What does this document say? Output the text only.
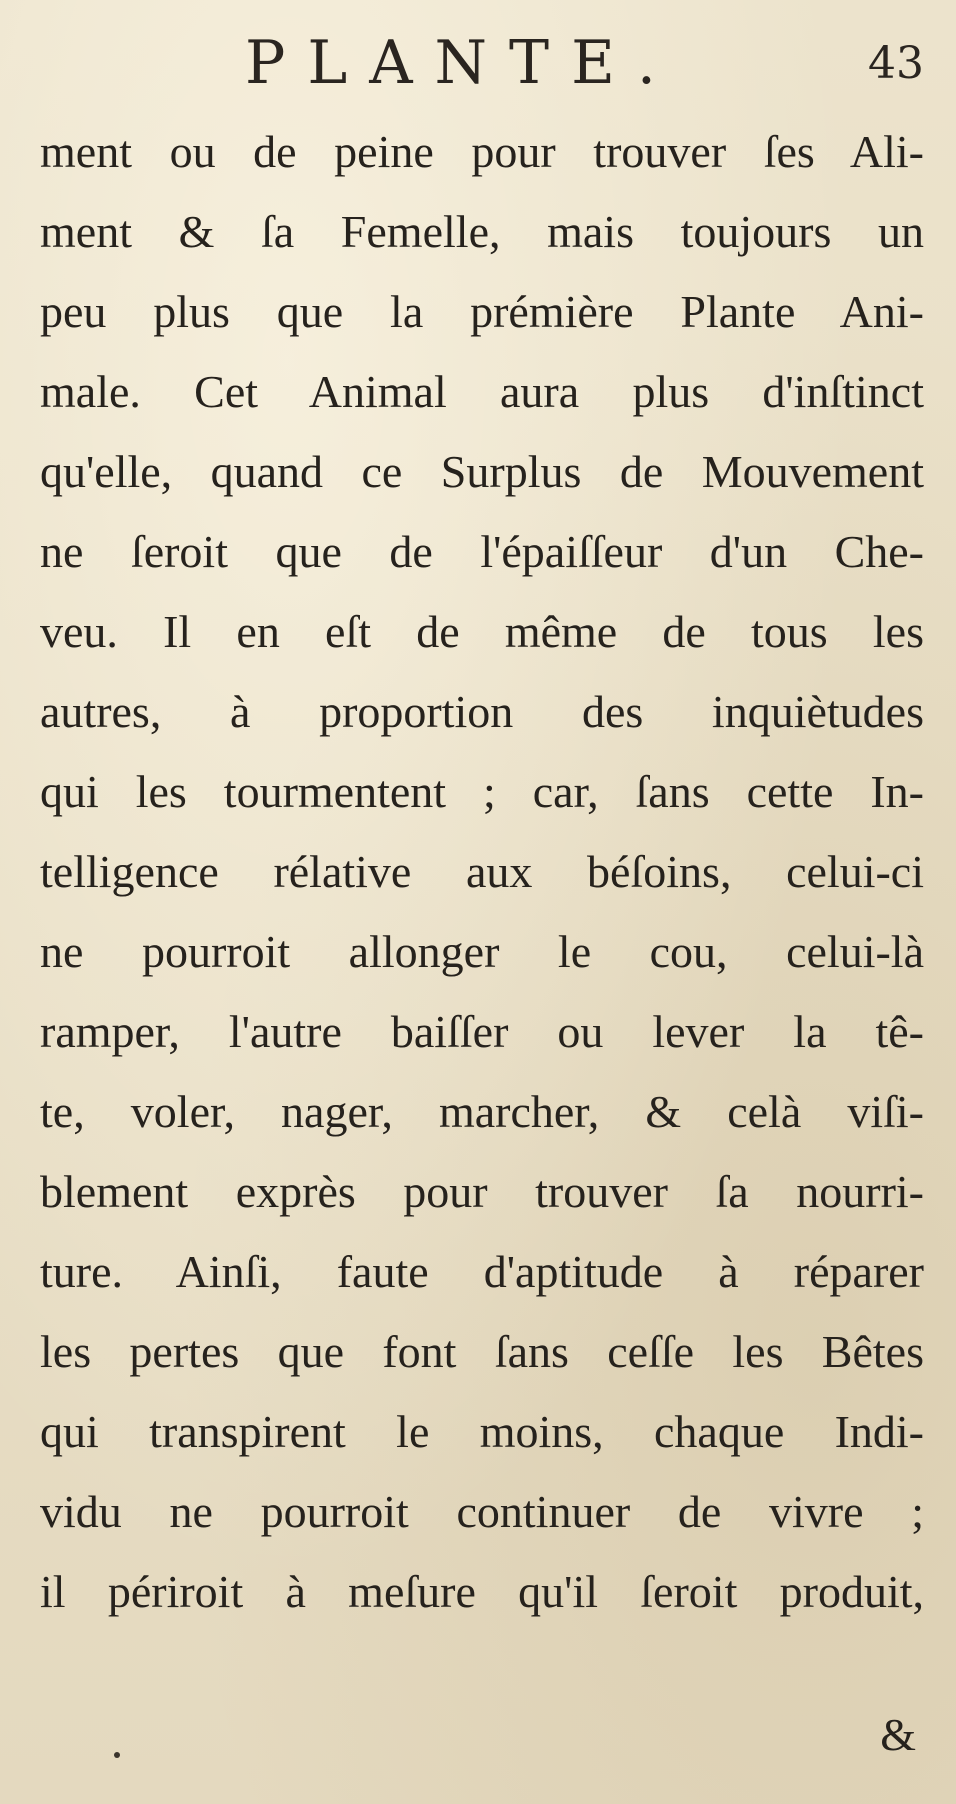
PLANTE.	43
ment ou de peine pour trouver ſes Ali-
ment & ſa Femelle, mais toujours un
peu plus que la prémière Plante Ani-
male. Cet Animal aura plus d'inſtinct
qu'elle, quand ce Surplus de Mouvement
ne ſeroit que de l'épaiſſeur d'un Che-
veu. Il en eſt de même de tous les
autres, à proportion des inquiètudes
qui les tourmentent ; car, ſans cette In-
telligence rélative aux béſoins, celui-ci
ne pourroit allonger le cou, celui-là
ramper, l'autre baiſſer ou lever la tê-
te, voler, nager, marcher, & celà viſi-
blement exprès pour trouver ſa nourri-
ture. Ainſi, faute d'aptitude à réparer
les pertes que font ſans ceſſe les Bêtes
qui transpirent le moins, chaque Indi-
vidu ne pourroit continuer de vivre ;
il périroit à meſure qu'il ſeroit produit,
&
